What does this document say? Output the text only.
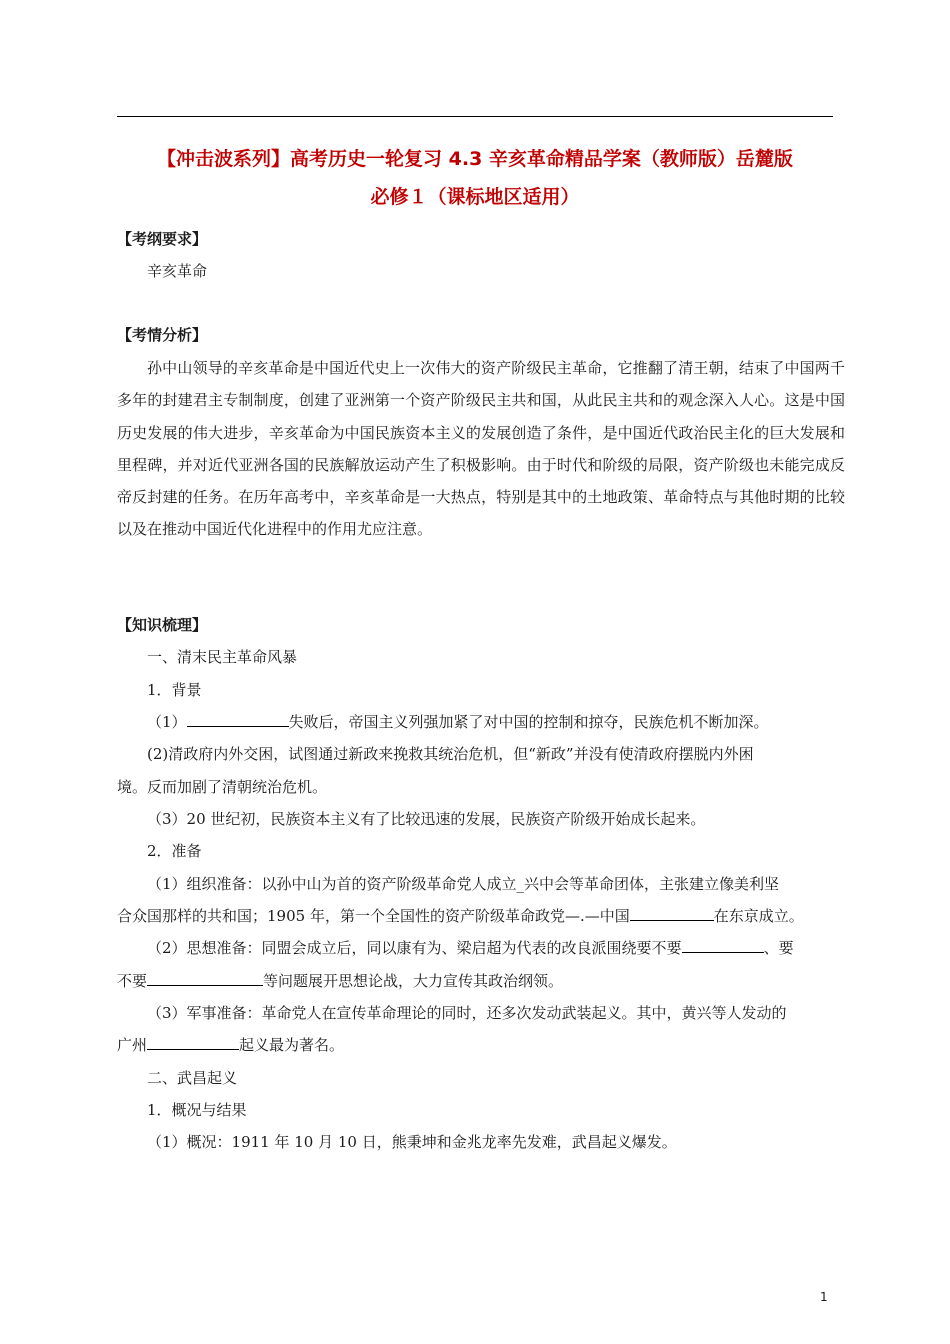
【冲击波系列】高考历史一轮复习 4.3 辛亥革命精品学案（教师版）岳麓版
必修１（课标地区适用）
【考纲要求】
辛亥革命
【考情分析】
孙中山领导的辛亥革命是中国近代史上一次伟大的资产阶级民主革命，它推翻了清王朝，结束了中国两千多年的封建君主专制制度，创建了亚洲第一个资产阶级民主共和国，从此民主共和的观念深入人心。这是中国历史发展的伟大进步，辛亥革命为中国民族资本主义的发展创造了条件，是中国近代政治民主化的巨大发展和里程碑，并对近代亚洲各国的民族解放运动产生了积极影响。由于时代和阶级的局限，资产阶级也未能完成反帝反封建的任务。在历年高考中，辛亥革命是一大热点，特别是其中的土地政策、革命特点与其他时期的比较以及在推动中国近代化进程中的作用尤应注意。
【知识梳理】
一、清末民主革命风暴
1．背景
（1）	失败后，帝国主义列强加紧了对中国的控制和掠夺，民族危机不断加深。
(2)清政府内外交困，试图通过新政来挽救其统治危机，但“新政”并没有使清政府摆脱内外困
境。反而加剧了清朝统治危机。
（3）20 世纪初，民族资本主义有了比较迅速的发展，民族资产阶级开始成长起来。
2．准备
（1）组织准备：以孙中山为首的资产阶级革命党人成立_兴中会等革命团体，主张建立像美利坚
合众国那样的共和国；1905 年，第一个全国性的资产阶级革命政党—.—中国	在东京成立。
（2）思想准备：同盟会成立后，同以康有为、梁启超为代表的改良派围绕要不要	、要
不要	等问题展开思想论战，大力宣传其政治纲领。
（3）军事准备：革命党人在宣传革命理论的同时，还多次发动武装起义。其中，黄兴等人发动的
广州	起义最为著名。
二、武昌起义
1．概况与结果
（1）概况：1911 年 10 月 10 日，熊秉坤和金兆龙率先发难，武昌起义爆发。
1
